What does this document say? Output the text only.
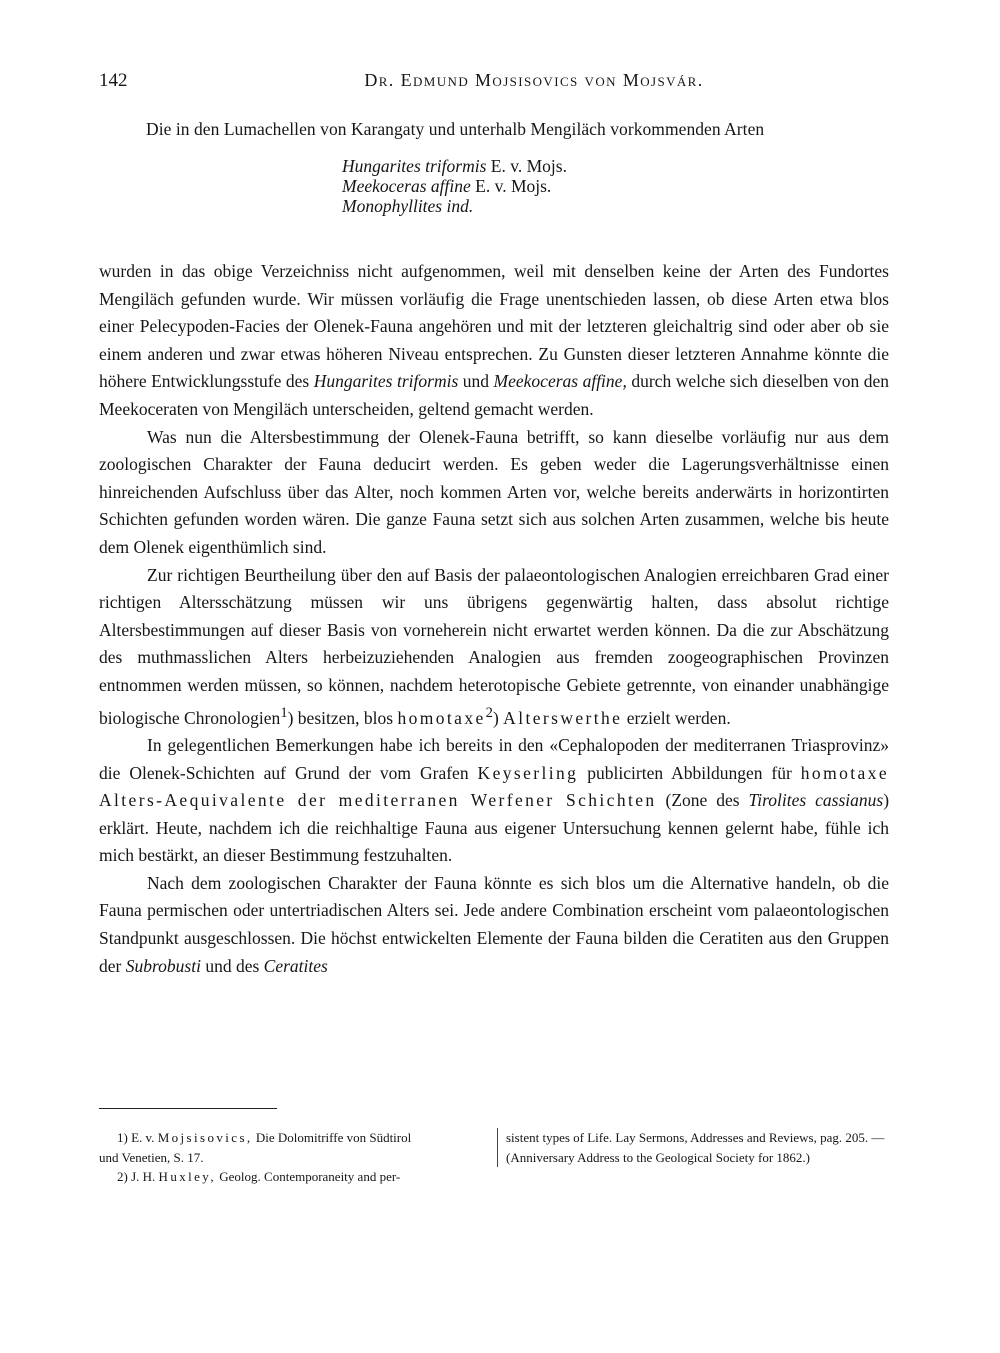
142	Dr. Edmund Mojsisovics von Mojsvár.
Die in den Lumachellen von Karangaty und unterhalb Mengiläch vorkommenden Arten
Hungarites triformis E. v. Mojs.
Meekoceras affine E. v. Mojs.
Monophyllites ind.

wurden in das obige Verzeichniss nicht aufgenommen, weil mit denselben keine der Arten des Fundortes Mengiläch gefunden wurde. Wir müssen vorläufig die Frage unentschieden lassen, ob diese Arten etwa blos einer Pelecypoden-Facies der Olenek-Fauna angehören und mit der letzteren gleichaltrig sind oder aber ob sie einem anderen und zwar etwas höheren Niveau entsprechen. Zu Gunsten dieser letzteren Annahme könnte die höhere Entwicklungsstufe des Hungarites triformis und Meekoceras affine, durch welche sich dieselben von den Meekoceraten von Mengiläch unterscheiden, geltend gemacht werden.

Was nun die Altersbestimmung der Olenek-Fauna betrifft, so kann dieselbe vorläufig nur aus dem zoologischen Charakter der Fauna deducirt werden. Es geben weder die Lagerungsverhältnisse einen hinreichenden Aufschluss über das Alter, noch kommen Arten vor, welche bereits anderwärts in horizontirten Schichten gefunden worden wären. Die ganze Fauna setzt sich aus solchen Arten zusammen, welche bis heute dem Olenek eigenthümlich sind.

Zur richtigen Beurtheilung über den auf Basis der palaeontologischen Analogien erreichbaren Grad einer richtigen Altersschätzung müssen wir uns übrigens gegenwärtig halten, dass absolut richtige Altersbestimmungen auf dieser Basis von vorneherein nicht erwartet werden können. Da die zur Abschätzung des muthmasslichen Alters herbeizuziehenden Analogien aus fremden zoogeographischen Provinzen entnommen werden müssen, so können, nachdem heterotopische Gebiete getrennte, von einander unabhängige biologische Chronologien$^1$) besitzen, blos homotaxe$^2$) Alterswerthe erzielt werden.

In gelegentlichen Bemerkungen habe ich bereits in den «Cephalopoden der mediterranen Triasprovinz» die Olenek-Schichten auf Grund der vom Grafen Keyserling publicirten Abbildungen für homotaxe Alters-Aequivalente der mediterranen Werfener Schichten (Zone des Tirolites cassianus) erklärt. Heute, nachdem ich die reichhaltige Fauna aus eigener Untersuchung kennen gelernt habe, fühle ich mich bestärkt, an dieser Bestimmung festzuhalten.

Nach dem zoologischen Charakter der Fauna könnte es sich blos um die Alternative handeln, ob die Fauna permischen oder untertriadischen Alters sei. Jede andere Combination erscheint vom palaeontologischen Standpunkt ausgeschlossen. Die höchst entwickelten Elemente der Fauna bilden die Ceratiten aus den Gruppen der Subrobusti und des Ceratites

1) E. v. Mojsisovics, Die Dolomitriffe von Südtirol
und Venetien, S. 17.
2) J. H. Huxley, Geolog. Contemporaneity and per-
sistent types of Life. Lay Sermons, Addresses and Reviews, pag. 205. — (Anniversary Address to the Geological Society for 1862.)
